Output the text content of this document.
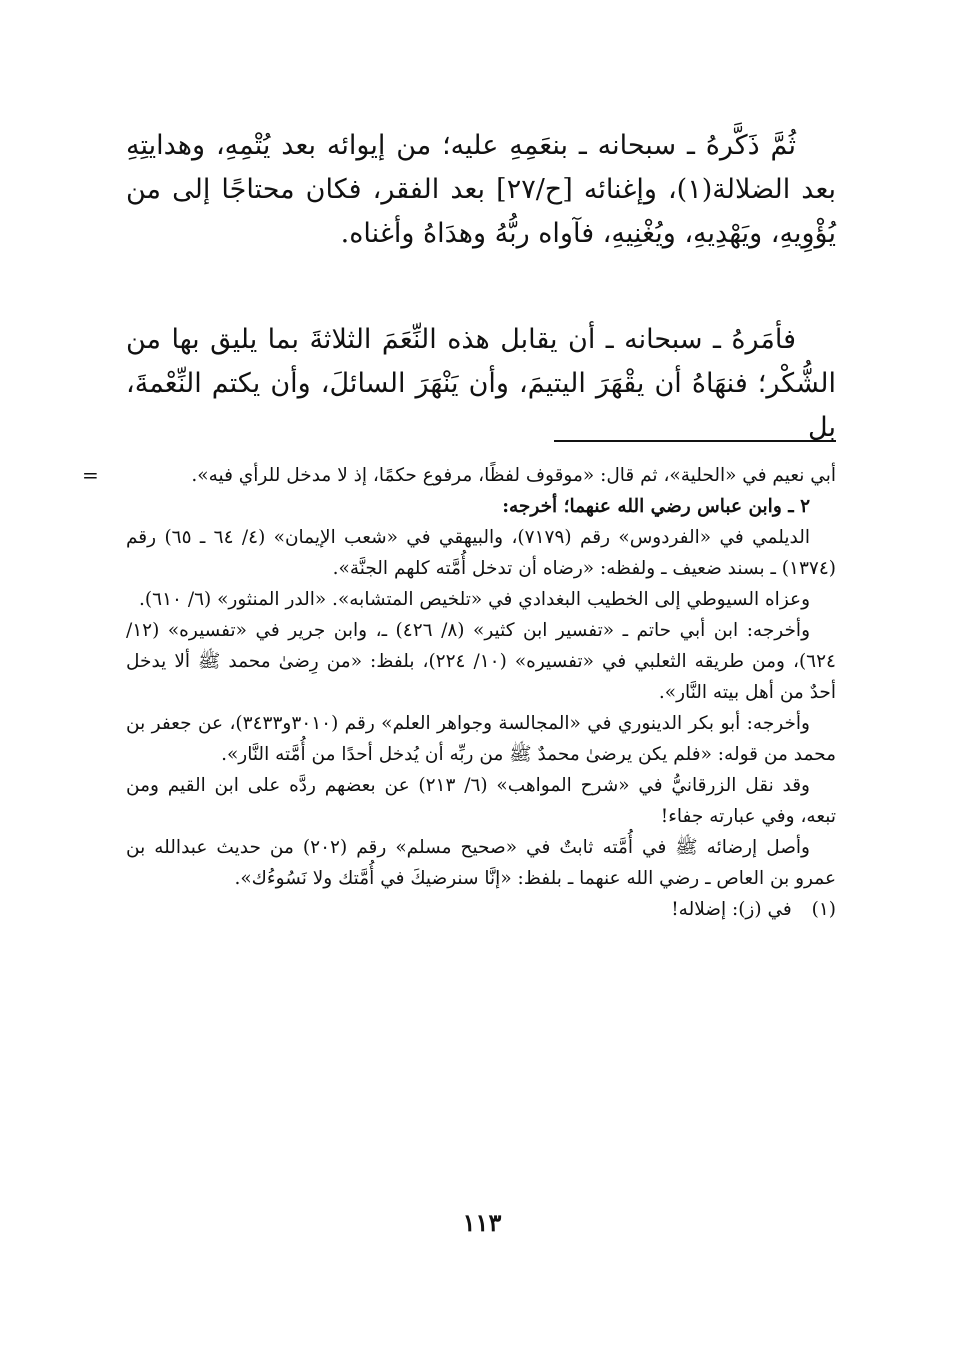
ثُمَّ ذَكَّرهُ ـ سبحانه ـ بنعَمِهِ عليه؛ من إيوائه بعد يُتْمِهِ، وهدايتِهِ بعد الضلالة(١)، وإغنائه [ح/٢٧] بعد الفقر، فكان محتاجًا إلى من يُؤْوِيهِ، ويَهْدِيهِ، ويُغْنِيهِ، فآواه ربُّهُ وهدَاهُ وأغناه.

فأمَرهُ ـ سبحانه ـ أن يقابل هذه النِّعَمَ الثلاثةَ بما يليق بها من الشُّكْر؛ فنهَاهُ أن يقْهَرَ اليتيمَ، وأن يَنْهَرَ السائلَ، وأن يكتم النِّعْمةَ، بل

=	أبي نعيم في «الحلية»، ثم قال: «موقوف لفظًا، مرفوع حكمًا، إذ لا مدخل للرأي فيه».

٢ ـ وابن عباس رضي الله عنهما؛ أخرجه:

الديلمي في «الفردوس» رقم (٧١٧٩)، والبيهقي في «شعب الإيمان» (٤/ ٦٤ ـ ٦٥) رقم (١٣٧٤) ـ بسند ضعيف ـ ولفظه: «رضاه أن تدخل أُمَّته كلهم الجنَّة».

وعزاه السيوطي إلى الخطيب البغدادي في «تلخيص المتشابه». «الدر المنثور» (٦/ ٦١٠).

وأخرجه: ابن أبي حاتم ـ «تفسير ابن كثير» (٨/ ٤٢٦) ـ، وابن جرير في «تفسيره» (١٢/ ٦٢٤)، ومن طريقه الثعلبي في «تفسيره» (١٠/ ٢٢٤)، بلفظ: «من رِضىٰ محمد ﷺ ألا يدخل أحدٌ من أهل بيته النَّار».

وأخرجه: أبو بكر الدينوري في «المجالسة وجواهر العلم» رقم (٣٠١٠و٣٤٣٣)، عن جعفر بن محمد من قوله: «فلم يكن يرضىٰ محمدٌ ﷺ من ربِّه أن يُدخل أحدًا من أُمَّته النَّار».

وقد نقل الزرقانيُّ في «شرح المواهب» (٦/ ٢١٣) عن بعضهم ردَّه على ابن القيم ومن تبعه، وفي عبارته جفاء!

وأصل إرضائه ﷺ في أُمَّته ثابتٌ في «صحيح مسلم» رقم (٢٠٢) من حديث عبدالله بن عمرو بن العاص ـ رضي الله عنهما ـ بلفظ: «إنَّا سنرضيكَ في أُمَّتك ولا نَسُوءُك».

(١) في (ز): إضلاله!

١١٣
